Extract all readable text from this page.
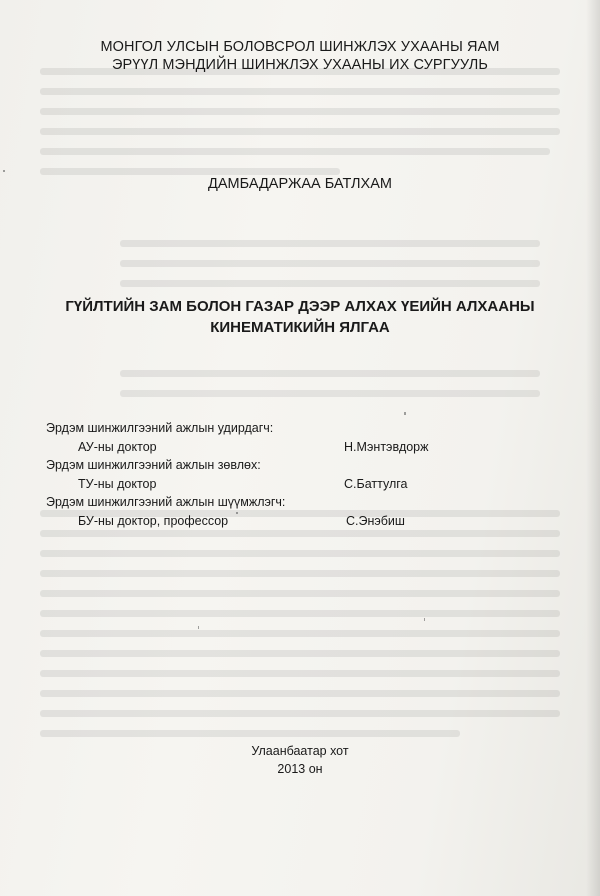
МОНГОЛ УЛСЫН БОЛОВСРОЛ ШИНЖЛЭХ УХААНЫ ЯАМ
ЭРҮҮЛ МЭНДИЙН ШИНЖЛЭХ УХААНЫ ИХ СУРГУУЛЬ
ДАМБАДАРЖАА БАТЛХАМ
ГҮЙЛТИЙН ЗАМ БОЛОН ГАЗАР ДЭЭР АЛХАХ ҮЕИЙН АЛХААНЫ
КИНЕМАТИКИЙН ЯЛГАА
Эрдэм шинжилгээний ажлын удирдагч:
АУ-ны доктор	Н.Мэнтэвдорж
Эрдэм шинжилгээний ажлын зөвлөх:
ТУ-ны доктор	С.Баттулга
Эрдэм шинжилгээний ажлын шүүмжлэгч:
БУ-ны доктор, профессор	С.Энэбиш
Улаанбаатар хот
2013 он
